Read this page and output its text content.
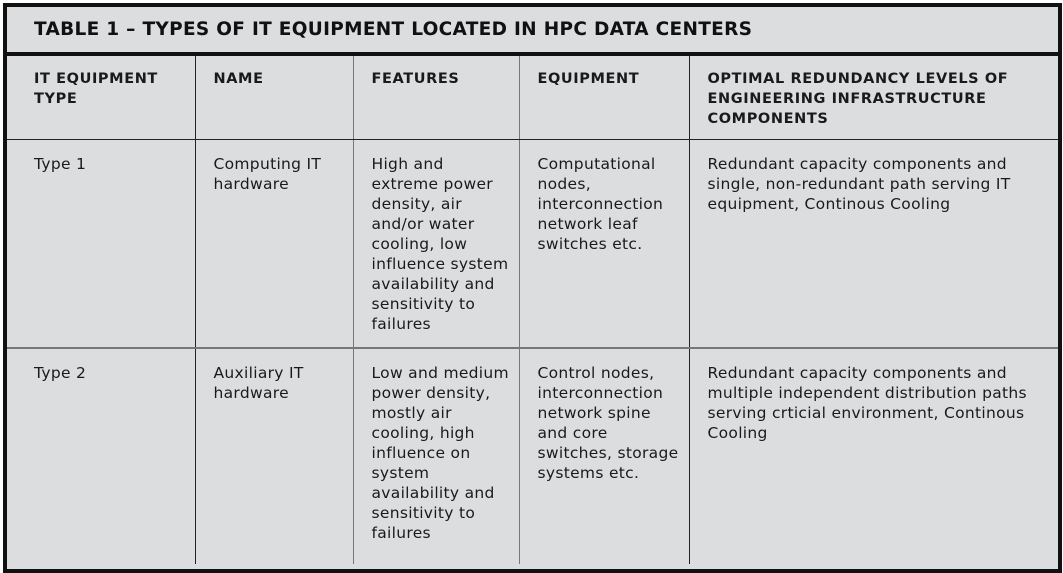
TABLE 1 – TYPES OF IT EQUIPMENT LOCATED IN HPC DATA CENTERS
IT EQUIPMENT TYPE	NAME	FEATURES	EQUIPMENT	OPTIMAL REDUNDANCY LEVELS OF ENGINEERING INFRASTRUCTURE COMPONENTS
Type 1	Computing IT hardware	High and extreme power density, air and/or water cooling, low influence system availability and sensitivity to failures	Computational nodes, interconnection network leaf switches etc.	Redundant capacity components and single, non-redundant path serving IT equipment, Continous Cooling
Type 2	Auxiliary IT hardware	Low and medium power density, mostly air cooling, high influence on system availability and sensitivity to failures	Control nodes, interconnection network spine and core switches, storage systems etc.	Redundant capacity components and multiple independent distribution paths serving crticial environment, Continous Cooling
